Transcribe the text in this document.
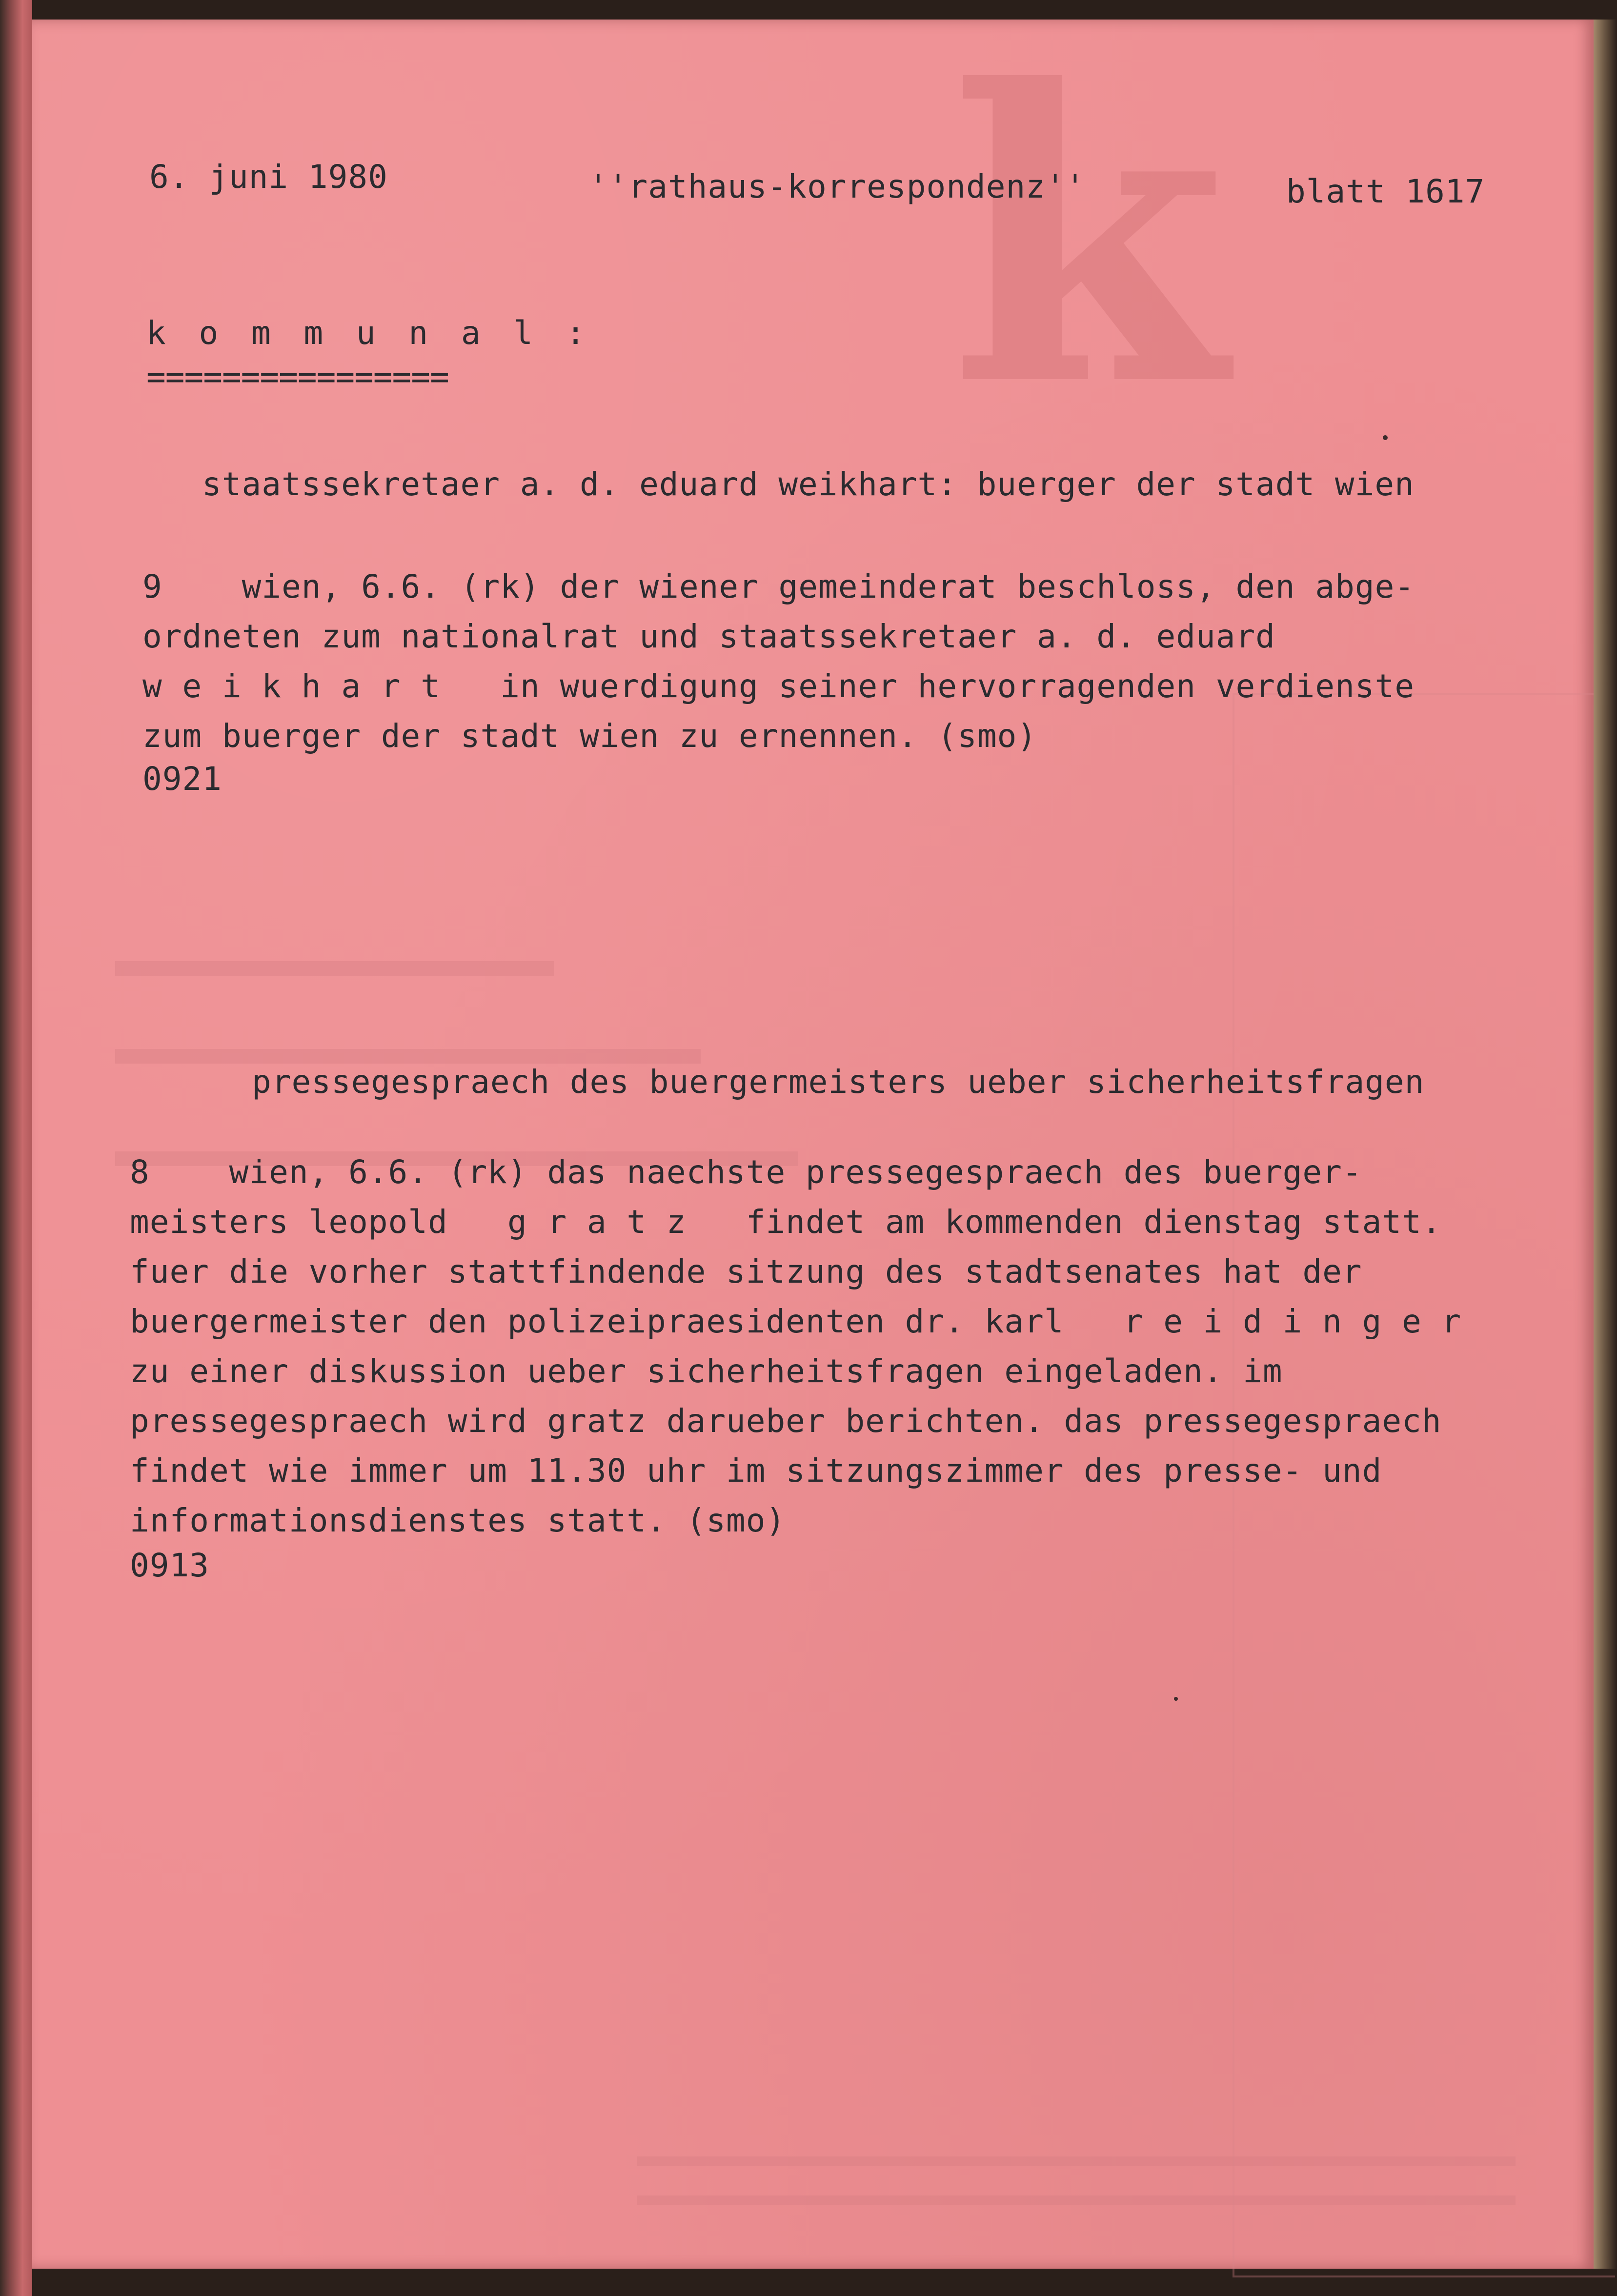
k
6. juni 1980	''rathaus-korrespondenz''	blatt 1617
k o m m u n a l :
================
staatssekretaer a. d. eduard weikhart: buerger der stadt wien
9    wien, 6.6. (rk) der wiener gemeinderat beschloss, den abge-
ordneten zum nationalrat und staatssekretaer a. d. eduard
w e i k h a r t   in wuerdigung seiner hervorragenden verdienste
zum buerger der stadt wien zu ernennen. (smo)
0921
pressegespraech des buergermeisters ueber sicherheitsfragen
8    wien, 6.6. (rk) das naechste pressegespraech des buerger-
meisters leopold   g r a t z   findet am kommenden dienstag statt.
fuer die vorher stattfindende sitzung des stadtsenates hat der
buergermeister den polizeipraesidenten dr. karl   r e i d i n g e r
zu einer diskussion ueber sicherheitsfragen eingeladen. im
pressegespraech wird gratz darueber berichten. das pressegespraech
findet wie immer um 11.30 uhr im sitzungszimmer des presse- und
informationsdienstes statt. (smo)
0913
